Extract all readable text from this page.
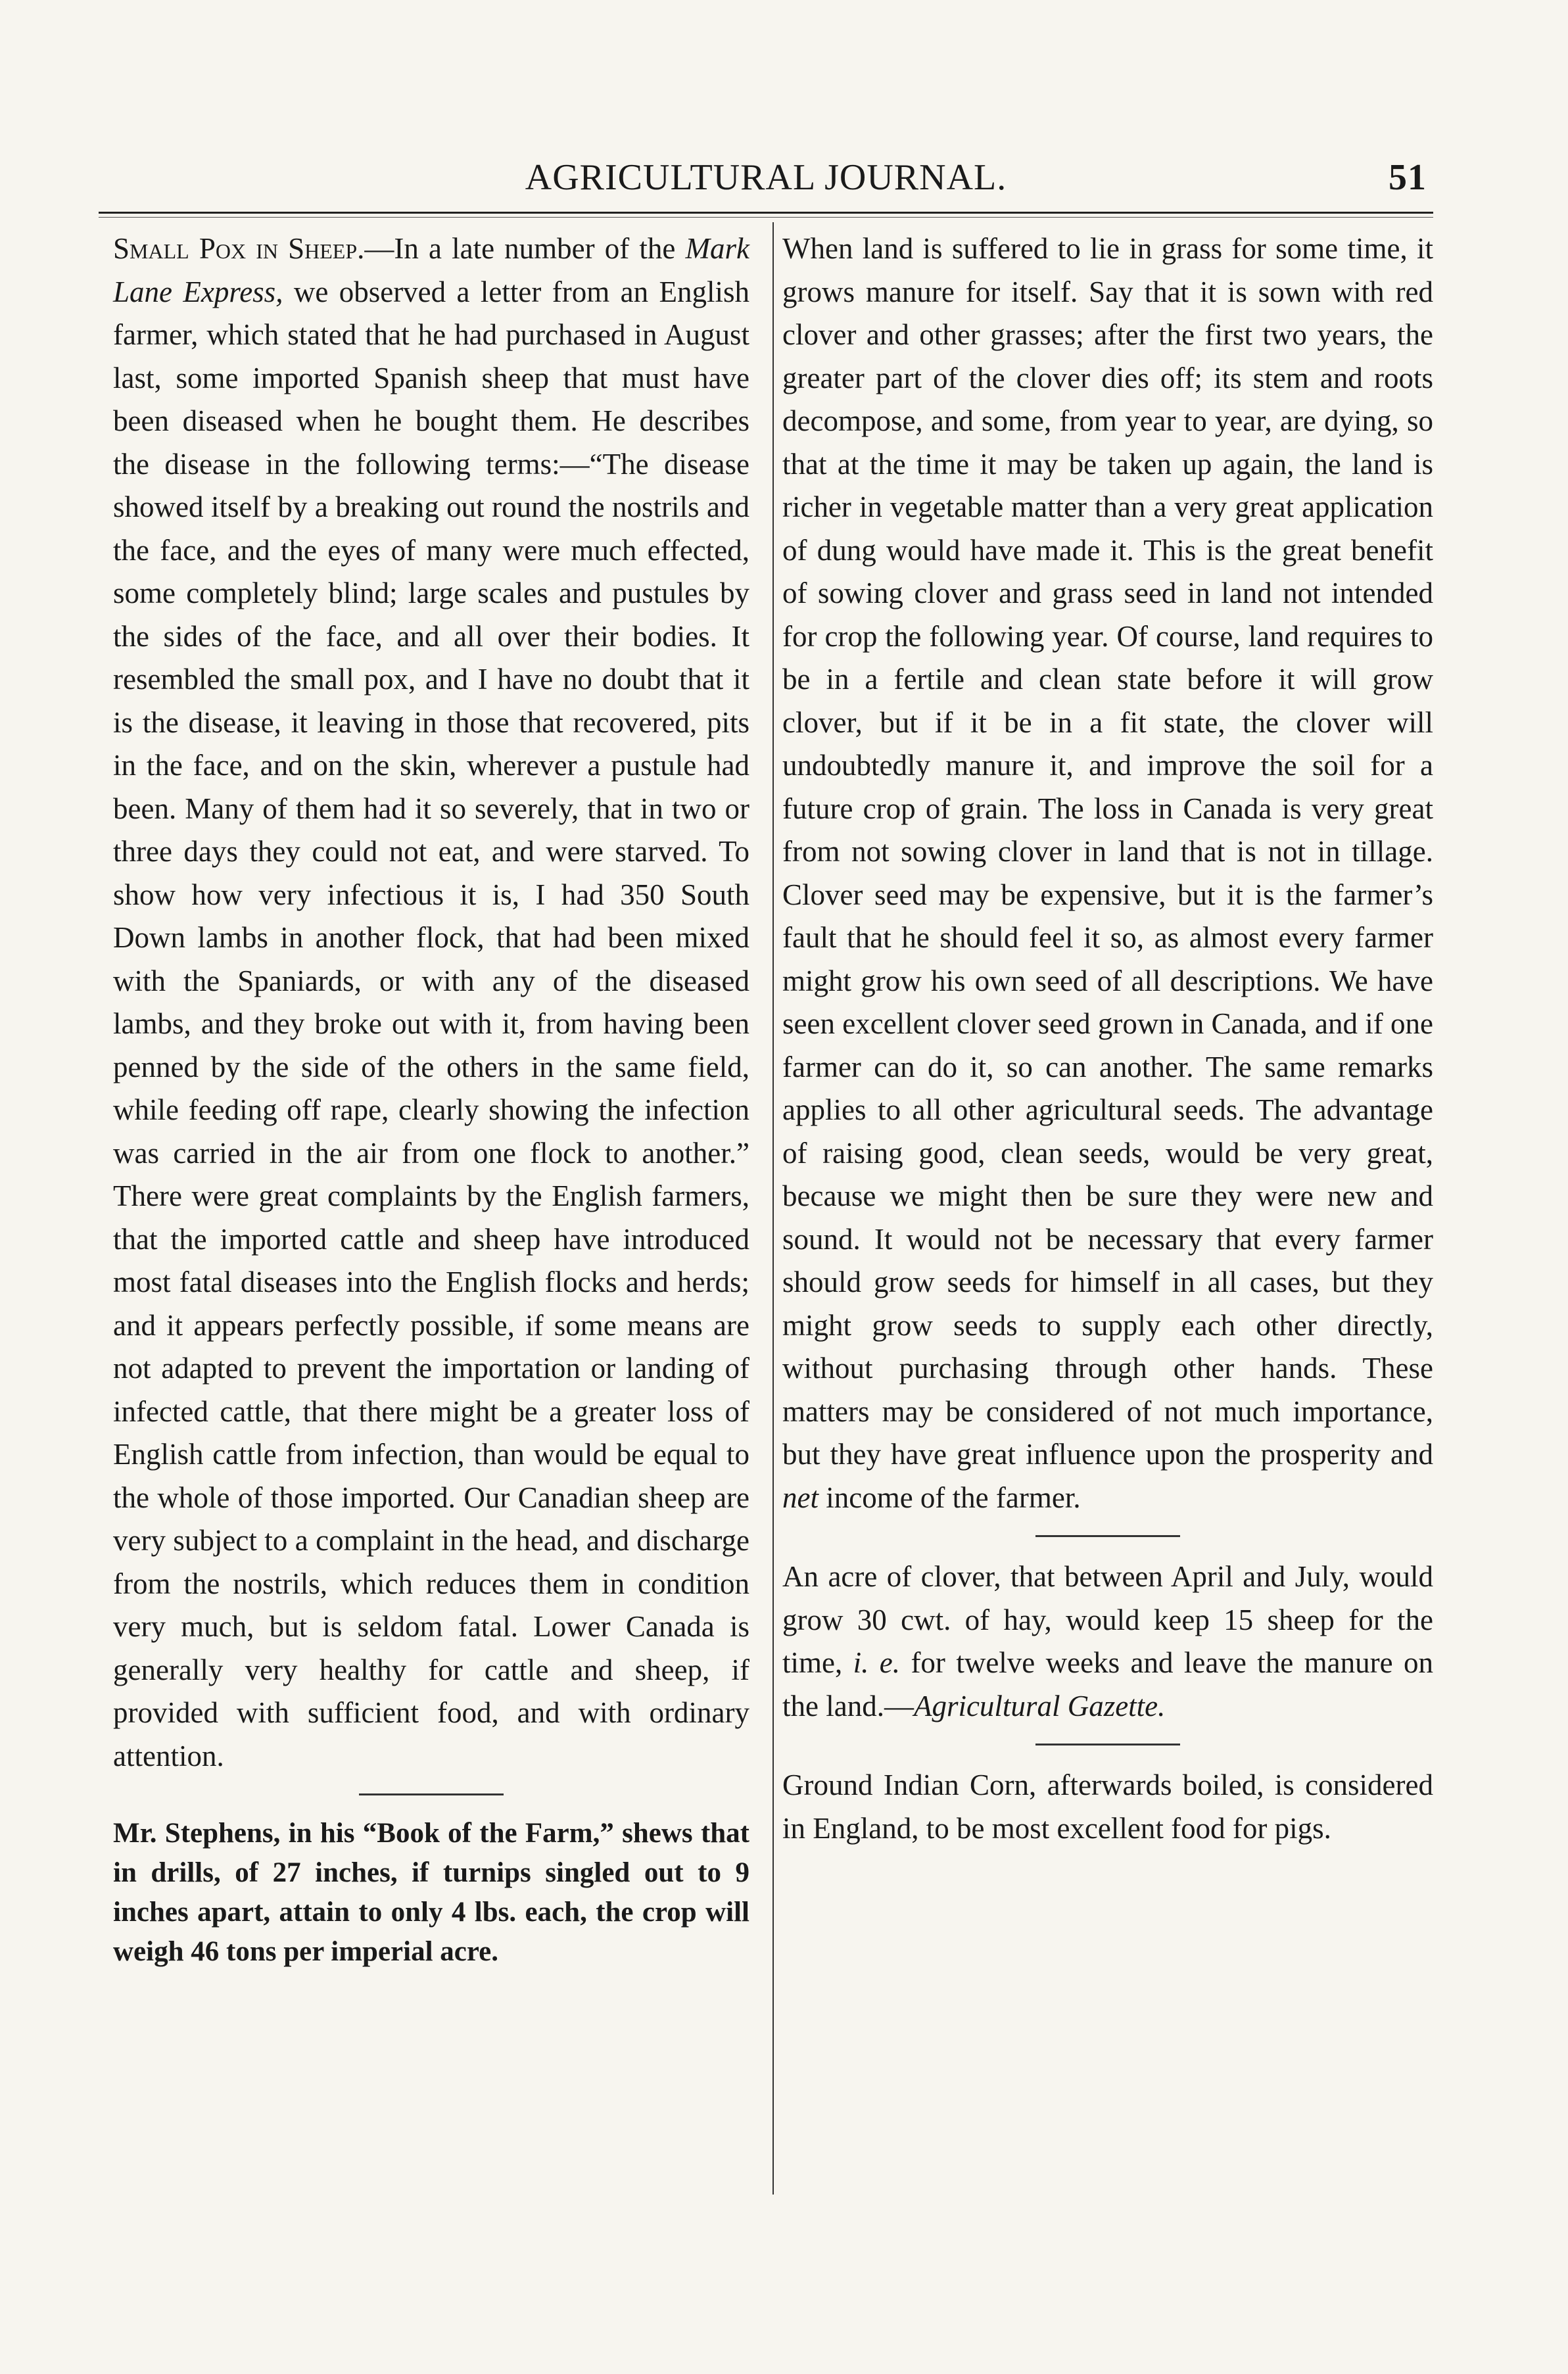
AGRICULTURAL JOURNAL.	51

Small Pox in Sheep.—In a late number of the Mark Lane Express, we observed a letter from an English farmer, which stated that he had purchased in August last, some imported Spanish sheep that must have been diseased when he bought them. He describes the disease in the following terms:—“The disease showed itself by a breaking out round the nostrils and the face, and the eyes of many were much effected, some completely blind; large scales and pustules by the sides of the face, and all over their bodies. It resembled the small pox, and I have no doubt that it is the disease, it leaving in those that recovered, pits in the face, and on the skin, wherever a pustule had been. Many of them had it so severely, that in two or three days they could not eat, and were starved. To show how very infectious it is, I had 350 South Down lambs in another flock, that had been mixed with the Spaniards, or with any of the diseased lambs, and they broke out with it, from having been penned by the side of the others in the same field, while feeding off rape, clearly showing the infection was carried in the air from one flock to another.” There were great complaints by the English farmers, that the imported cattle and sheep have introduced most fatal diseases into the English flocks and herds; and it appears perfectly possible, if some means are not adapted to prevent the importation or landing of infected cattle, that there might be a greater loss of English cattle from infection, than would be equal to the whole of those imported. Our Canadian sheep are very subject to a complaint in the head, and discharge from the nostrils, which reduces them in condition very much, but is seldom fatal. Lower Canada is generally very healthy for cattle and sheep, if provided with sufficient food, and with ordinary attention.

Mr. Stephens, in his “Book of the Farm,” shews that in drills, of 27 inches, if turnips singled out to 9 inches apart, attain to only 4 lbs. each, the crop will weigh 46 tons per imperial acre.

When land is suffered to lie in grass for some time, it grows manure for itself. Say that it is sown with red clover and other grasses; after the first two years, the greater part of the clover dies off; its stem and roots decompose, and some, from year to year, are dying, so that at the time it may be taken up again, the land is richer in vegetable matter than a very great application of dung would have made it. This is the great benefit of sowing clover and grass seed in land not intended for crop the following year. Of course, land requires to be in a fertile and clean state before it will grow clover, but if it be in a fit state, the clover will undoubtedly manure it, and improve the soil for a future crop of grain. The loss in Canada is very great from not sowing clover in land that is not in tillage. Clover seed may be expensive, but it is the farmer’s fault that he should feel it so, as almost every farmer might grow his own seed of all descriptions. We have seen excellent clover seed grown in Canada, and if one farmer can do it, so can another. The same remarks applies to all other agricultural seeds. The advantage of raising good, clean seeds, would be very great, because we might then be sure they were new and sound. It would not be necessary that every farmer should grow seeds for himself in all cases, but they might grow seeds to supply each other directly, without purchasing through other hands. These matters may be considered of not much importance, but they have great influence upon the prosperity and net income of the farmer.

An acre of clover, that between April and July, would grow 30 cwt. of hay, would keep 15 sheep for the time, i. e. for twelve weeks and leave the manure on the land.—Agricultural Gazette.

Ground Indian Corn, afterwards boiled, is considered in England, to be most excellent food for pigs.
